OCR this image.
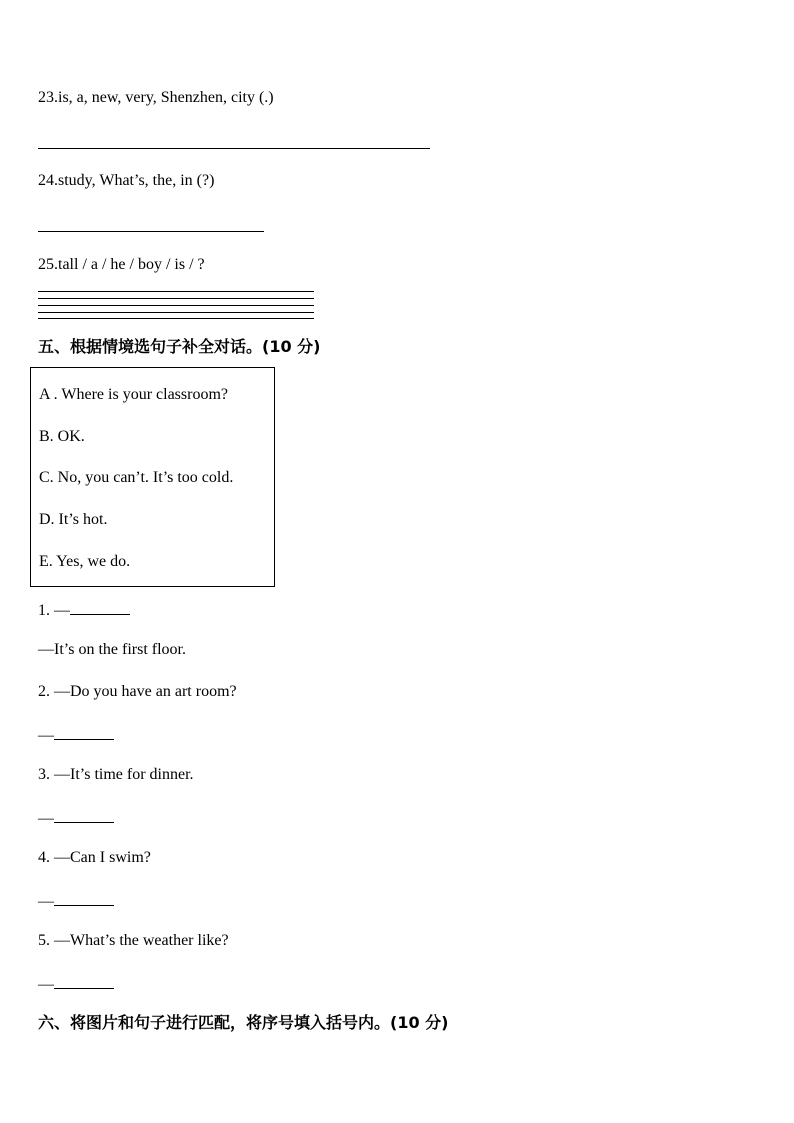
23.is, a, new, very, Shenzhen, city (.)
24.study, What’s, the, in (?)
25.tall / a / he / boy / is / ?
五、根据情境选句子补全对话。(10 分)
A . Where is your classroom?
B. OK.
C. No, you can’t. It’s too cold.
D. It’s hot.
E. Yes, we do.
1. —
—It’s on the first floor.
2. —Do you have an art room?
—
3. —It’s time for dinner.
—
4. —Can I swim?
—
5. —What’s the weather like?
—
六、将图片和句子进行匹配，将序号填入括号内。(10 分)
